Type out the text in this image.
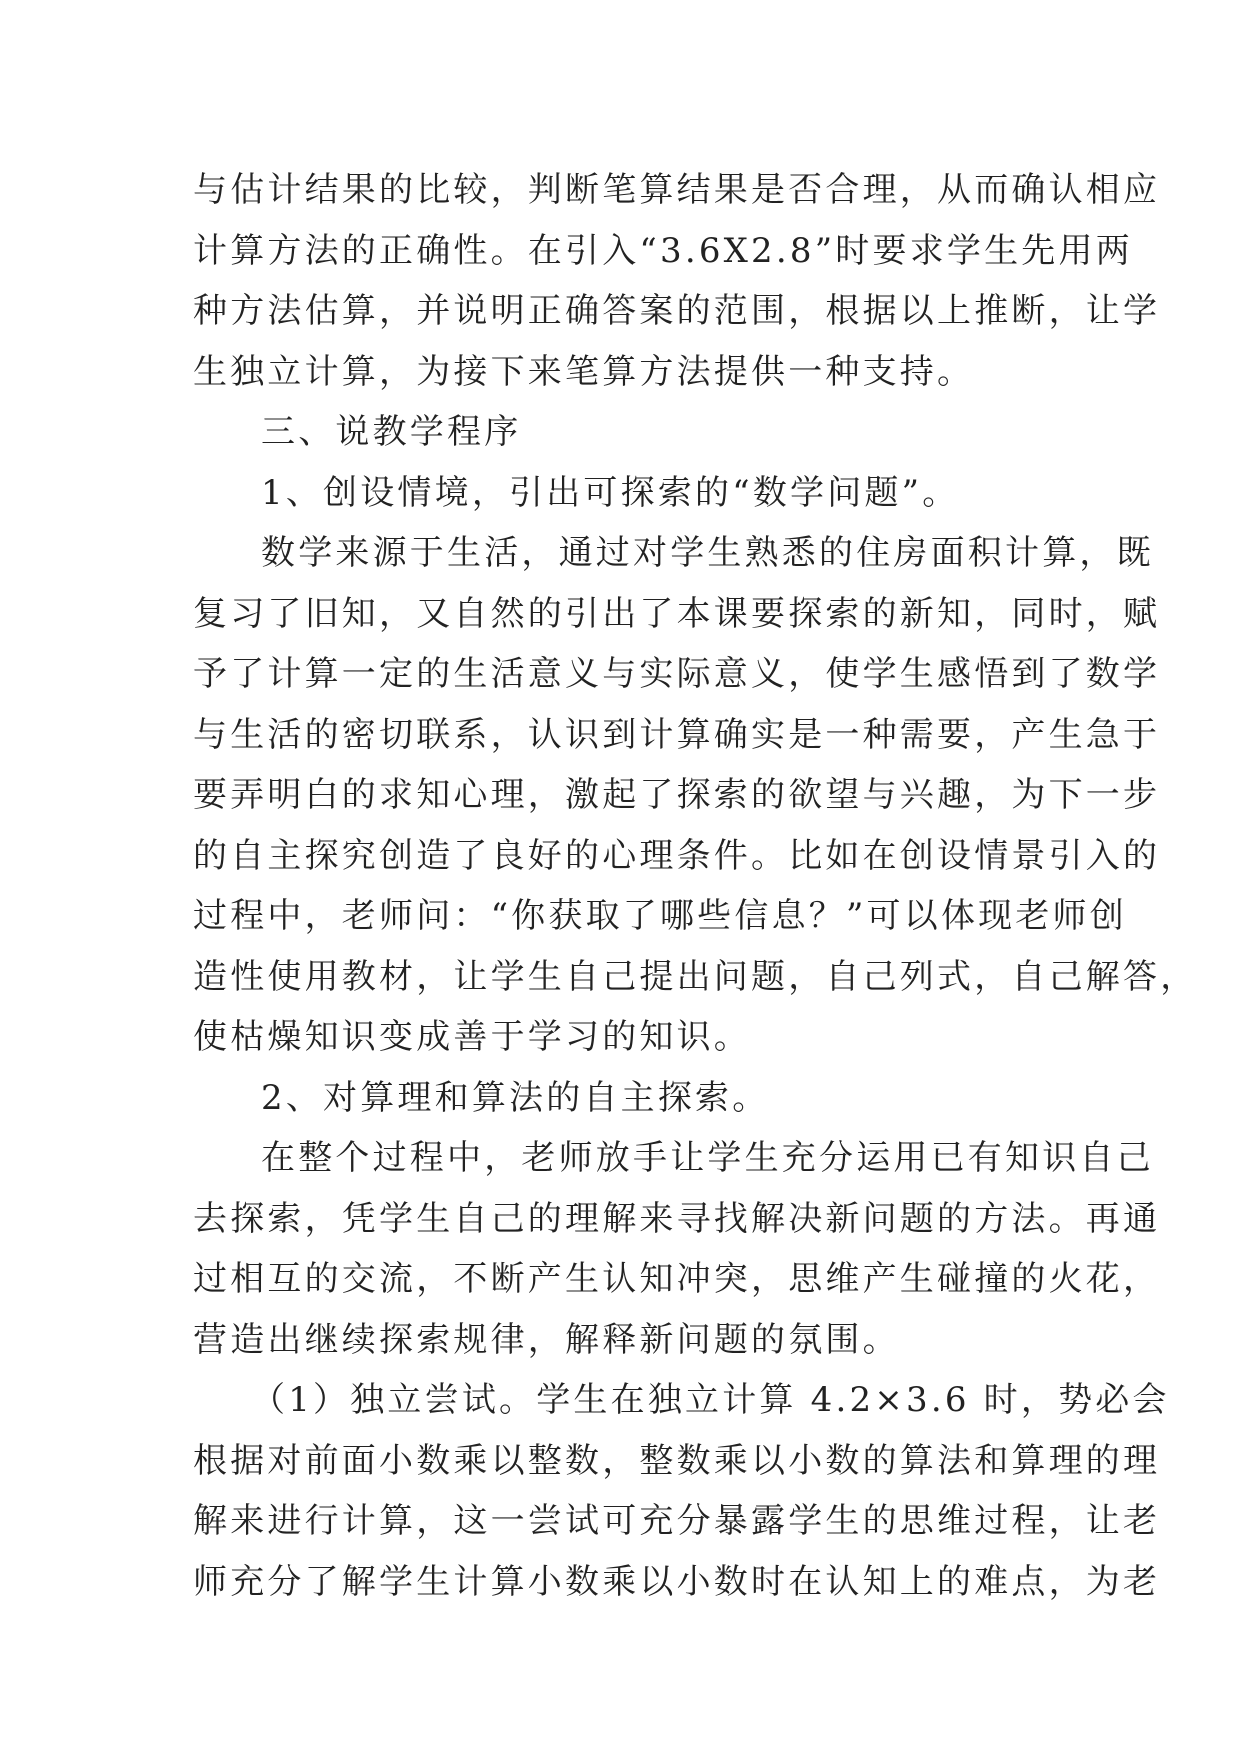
与估计结果的比较，判断笔算结果是否合理，从而确认相应
计算方法的正确性。在引入“3.6X2.8”时要求学生先用两
种方法估算，并说明正确答案的范围，根据以上推断，让学
生独立计算，为接下来笔算方法提供一种支持。
三、说教学程序
1、创设情境，引出可探索的“数学问题”。
数学来源于生活，通过对学生熟悉的住房面积计算，既
复习了旧知，又自然的引出了本课要探索的新知，同时，赋
予了计算一定的生活意义与实际意义，使学生感悟到了数学
与生活的密切联系，认识到计算确实是一种需要，产生急于
要弄明白的求知心理，激起了探索的欲望与兴趣，为下一步
的自主探究创造了良好的心理条件。比如在创设情景引入的
过程中，老师问：“你获取了哪些信息？”可以体现老师创
造性使用教材，让学生自己提出问题，自己列式，自己解答，
使枯燥知识变成善于学习的知识。
2、对算理和算法的自主探索。
在整个过程中，老师放手让学生充分运用已有知识自己
去探索，凭学生自己的理解来寻找解决新问题的方法。再通
过相互的交流，不断产生认知冲突，思维产生碰撞的火花，
营造出继续探索规律，解释新问题的氛围。
（1）独立尝试。学生在独立计算 4.2×3.6 时，势必会
根据对前面小数乘以整数，整数乘以小数的算法和算理的理
解来进行计算，这一尝试可充分暴露学生的思维过程，让老
师充分了解学生计算小数乘以小数时在认知上的难点，为老
